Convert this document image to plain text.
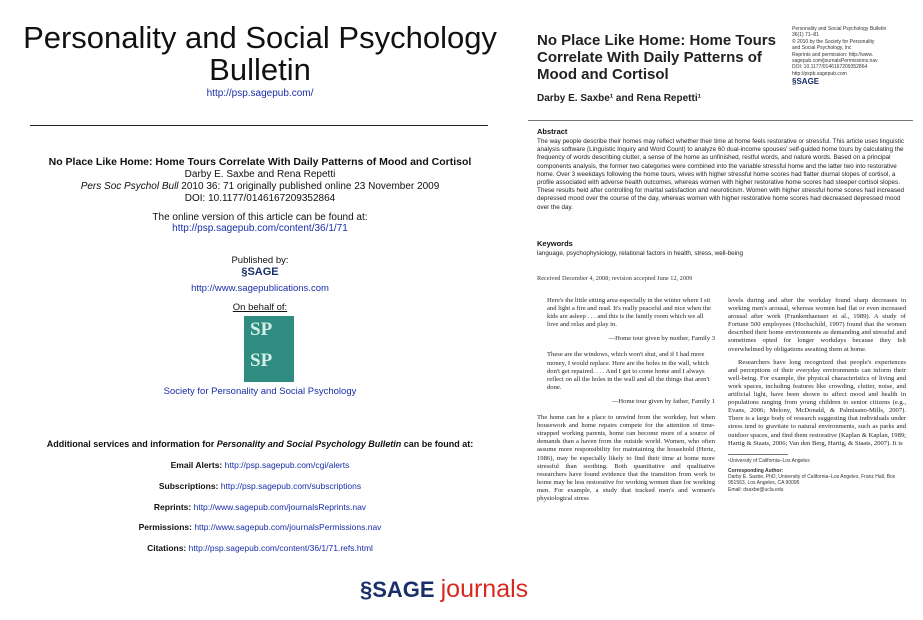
Personality and Social Psychology Bulletin
http://psp.sagepub.com/
No Place Like Home: Home Tours Correlate With Daily Patterns of Mood and Cortisol
Darby E. Saxbe and Rena Repetti
Pers Soc Psychol Bull 2010 36: 71 originally published online 23 November 2009
DOI: 10.1177/0146167209352864
The online version of this article can be found at:
http://psp.sagepub.com/content/36/1/71
Published by:
§SAGE
http://www.sagepublications.com
On behalf of:
SP
SP
Society for Personality and Social Psychology
Additional services and information for Personality and Social Psychology Bulletin can be found at:
Email Alerts: http://psp.sagepub.com/cgi/alerts
Subscriptions: http://psp.sagepub.com/subscriptions
Reprints: http://www.sagepub.com/journalsReprints.nav
Permissions: http://www.sagepub.com/journalsPermissions.nav
Citations: http://psp.sagepub.com/content/36/1/71.refs.html
No Place Like Home: Home Tours Correlate With Daily Patterns of Mood and Cortisol
Personality and Social Psychology Bulletin
36(1) 71–81
© 2010 by the Society for Personality
and Social Psychology, Inc
Reprints and permission: http://www.
sagepub.com/journalsPermissions.nav
DOI: 10.1177/0146167209352864
http://pspb.sagepub.com
§SAGE
Darby E. Saxbe¹ and Rena Repetti¹
Abstract
The way people describe their homes may reflect whether their time at home feels restorative or stressful. This article uses linguistic analysis software (Linguistic Inquiry and Word Count) to analyze 60 dual-income spouses' self-guided home tours by calculating the frequency of words describing clutter, a sense of the home as unfinished, restful words, and nature words. Based on a principal components analysis, the former two categories were combined into the variable stressful home and the latter two into restorative home. Over 3 weekdays following the home tours, wives with higher stressful home scores had flatter diurnal slopes of cortisol, a profile associated with adverse health outcomes, whereas women with higher restorative home scores had steeper cortisol slopes. These results held after controlling for marital satisfaction and neuroticism. Women with higher stressful home scores had increased depressed mood over the course of the day, whereas women with higher restorative home scores had decreased depressed mood over the day.
Keywords
language, psychophysiology, relational factors in health, stress, well-being
Received December 4, 2008; revision accepted June 12, 2009
Here's the little sitting area especially in the winter where I sit and light a fire and read. It's really peaceful and nice when the kids are asleep . . . and this is the family room which we all love and relax and play in.
—Home tour given by mother, Family 3
These are the windows, which won't shut, and if I had more money, I would replace. Here are the holes in the wall, which don't get repaired. . . . And I get to come home and I always reflect on all the holes in the wall and all the things that aren't done.
—Home tour given by father, Family 1
The home can be a place to unwind from the workday, but when housework and home repairs compete for the attention of time-strapped working parents, home can become more of a source of demands than a haven from the outside world. Women, who often assume more responsibility for maintaining the household (Hertz, 1986), may be especially likely to find their time at home more stressful than soothing. Both quantitative and qualitative researchers have found evidence that the transition from work to home may be less restorative for working women than for working men. For example, a study that tracked men's and women's physiological stress
levels during and after the workday found sharp decreases in working men's arousal, whereas women had flat or even increased arousal after work (Frankenhaeuser et al., 1989). A study of Fortune 500 employees (Hochschild, 1997) found that the women described their home environments as demanding and stressful and sometimes opted for longer workdays because they felt overwhelmed by obligations awaiting them at home.
Researchers have long recognized that people's experiences and perceptions of their everyday environments can inform their well-being. For example, the physical characteristics of living and work spaces, including features like crowding, clutter, noise, and artificial light, have been shown to affect mood and health in populations ranging from young children to senior citizens (e.g., Evans, 2006; Melony, McDonald, & Palmisano-Mills, 2007). There is a large body of research suggesting that individuals under stress tend to gravitate to natural environments, such as parks and outdoor spaces, and find them restorative (Kaplan & Kaplan, 1989; Hartig & Staats, 2006; Van den Berg, Hartig, & Staats, 2007). It is
¹University of California–Los Angeles
Corresponding Author:
Darby E. Saxbe, PhD, University of California–Los Angeles, Franz Hall, Box 951563, Los Angeles, CA 90095
Email: dsaxbe@ucla.edu
§SAGE journals
